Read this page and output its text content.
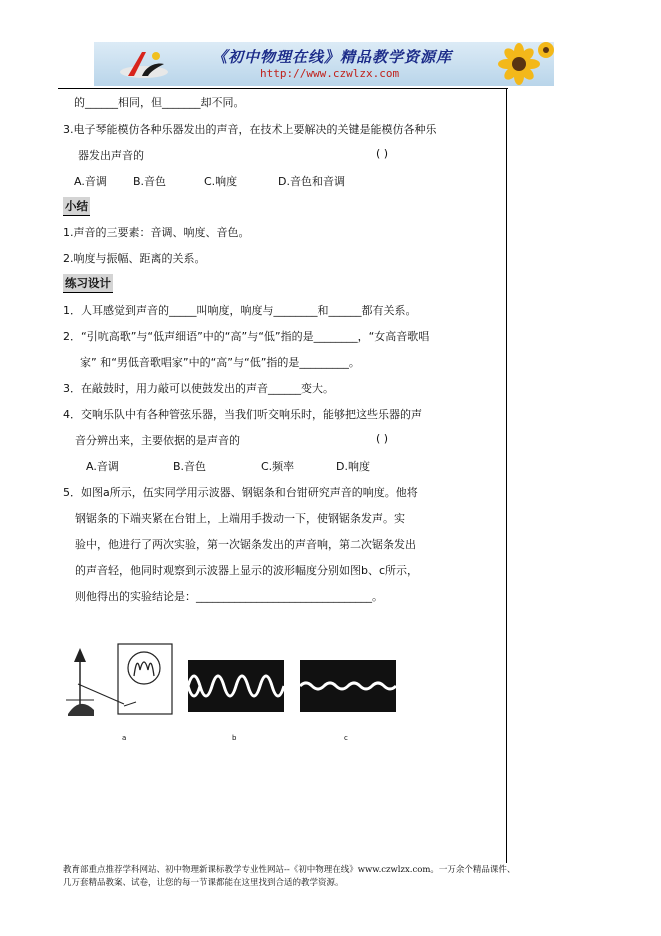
《初中物理在线》精品教学资源库
http://www.czwlzx.com
的______相同，但_______却不同。
3.电子琴能模仿各种乐器发出的声音，在技术上要解决的关键是能模仿各种乐
器发出声音的	( )
A.音调 B.音色	C.响度	D.音色和音调
小结
1.声音的三要素：音调、响度、音色。
2.响度与振幅、距离的关系。
练习设计
1．人耳感觉到声音的_____叫响度，响度与________和______都有关系。
2．“引吭高歌”与“低声细语”中的“高”与“低”指的是________，“女高音歌唱
家” 和“男低音歌唱家”中的“高”与“低”指的是_________。
3．在敲鼓时，用力敲可以使鼓发出的声音______变大。
4．交响乐队中有各种管弦乐器，当我们听交响乐时，能够把这些乐器的声
音分辨出来，主要依据的是声音的	( )
A.音调	B.音色	C.频率	D.响度
5．如图a所示，伍实同学用示波器、钢锯条和台钳研究声音的响度。他将
钢锯条的下端夹紧在台钳上，上端用手拨动一下，使钢锯条发声。实
验中，他进行了两次实验，第一次锯条发出的声音响，第二次锯条发出
的声音轻，他同时观察到示波器上显示的波形幅度分别如图b、c所示，
则他得出的实验结论是：________________________________。
a	b	c
教育部重点推荐学科网站、初中物理新课标教学专业性网站--《初中物理在线》www.czwlzx.com。一万余个精品课件、
几万套精品教案、试卷，让您的每一节课都能在这里找到合适的教学资源。
